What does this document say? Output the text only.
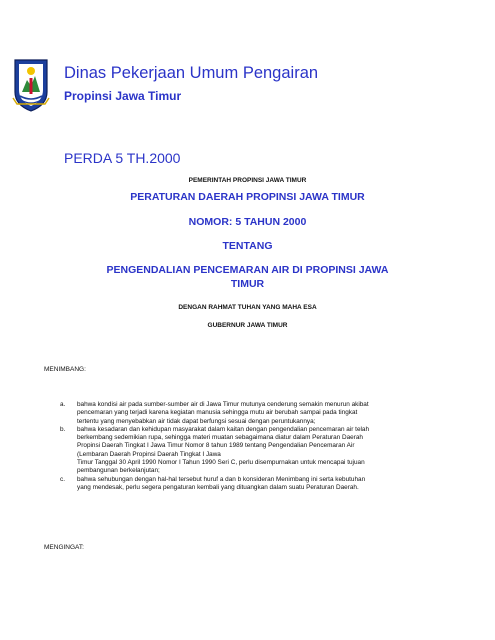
Dinas Pekerjaan Umum Pengairan
Propinsi Jawa Timur
PERDA 5 TH.2000
PEMERINTAH PROPINSI JAWA TIMUR
PERATURAN DAERAH PROPINSI JAWA TIMUR
NOMOR: 5 TAHUN 2000
TENTANG
PENGENDALIAN PENCEMARAN AIR DI PROPINSI JAWA
TIMUR
DENGAN RAHMAT TUHAN YANG MAHA ESA
GUBERNUR JAWA TIMUR
MENIMBANG:
a. bahwa kondisi air pada sumber-sumber air di Jawa Timur mutunya cenderung semakin menurun akibat
pencemaran yang terjadi karena kegiatan manusia sehingga mutu air berubah sampai pada tingkat
tertentu yang menyebabkan air tidak dapat berfungsi sesuai dengan peruntukannya;
b. bahwa kesadaran dan kehidupan masyarakat dalam kaitan dengan pengendalian pencemaran air telah
berkembang sedemikian rupa, sehingga materi muatan sebagaimana diatur dalam Peraturan Daerah
Propinsi Daerah Tingkat I Jawa Timur Nomor 8 tahun 1989 tentang Pengendalian Pencemaran Air
(Lembaran Daerah Propinsi Daerah Tingkat I Jawa
Timur Tanggal 30 April 1990 Nomor I Tahun 1990 Seri C, perlu disempurnakan untuk mencapai tujuan
pembangunan berkelanjutan;
c. bahwa sehubungan dengan hal-hal tersebut huruf a dan b konsideran Menimbang ini serta kebutuhan
yang mendesak, perlu segera pengaturan kembali yang dituangkan dalam suatu Peraturan Daerah.
MENGINGAT:
